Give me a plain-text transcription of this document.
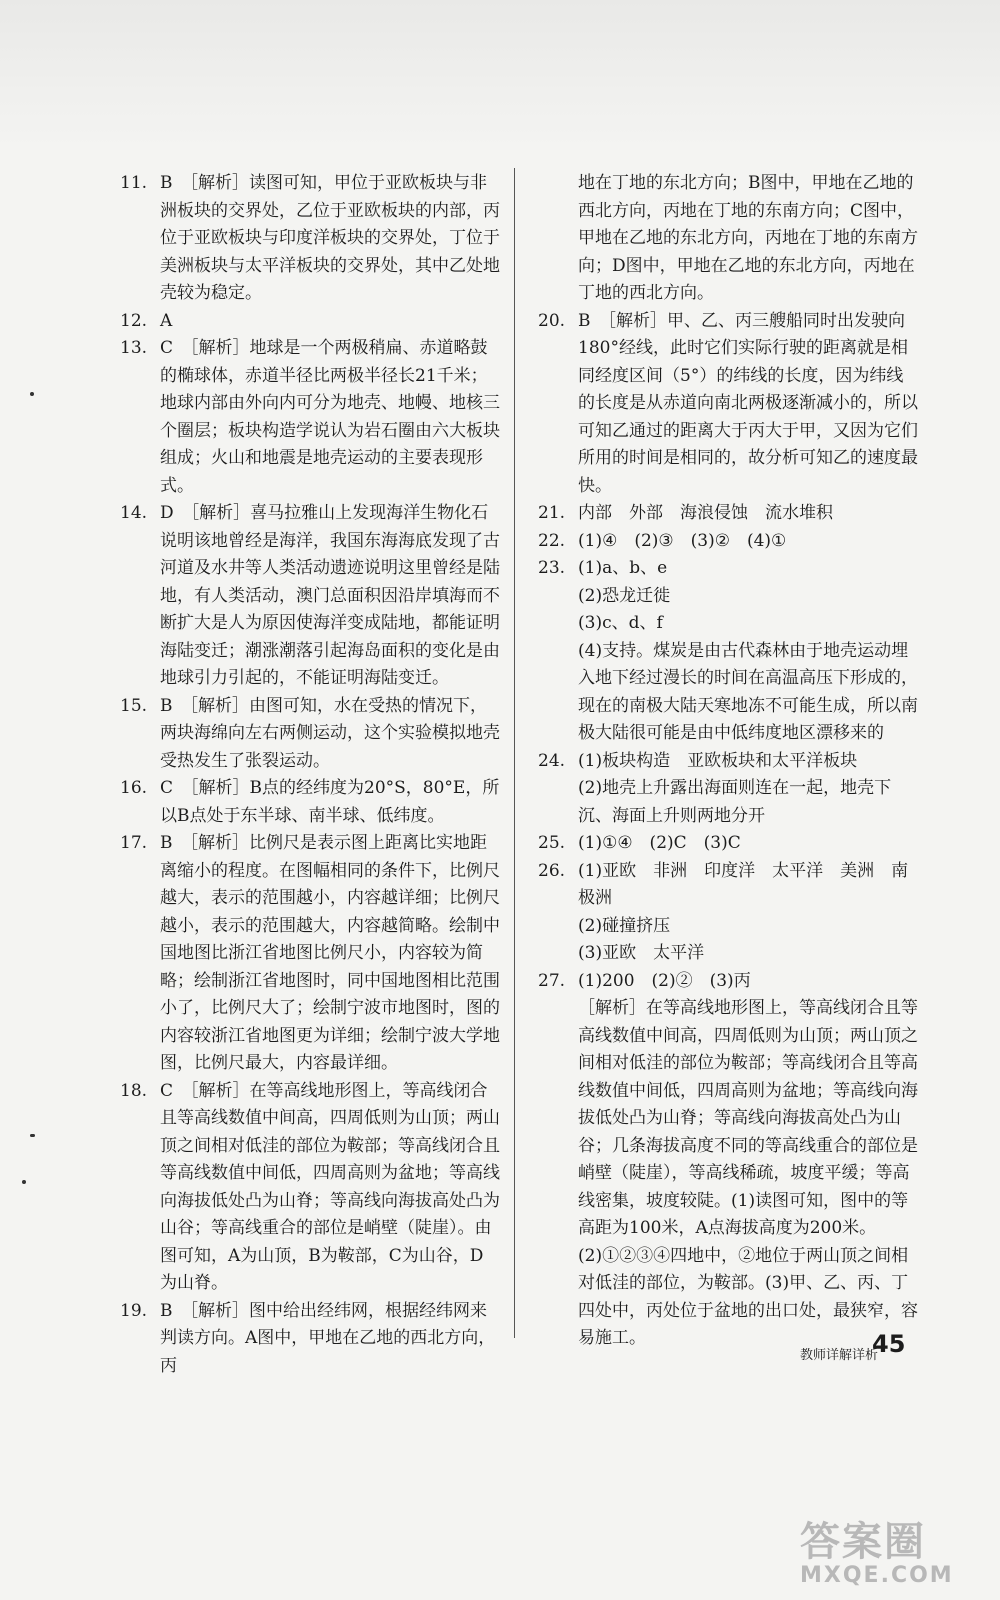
11. B　［解析］读图可知，甲位于亚欧板块与非洲板块的交界处，乙位于亚欧板块的内部，丙位于亚欧板块与印度洋板块的交界处，丁位于美洲板块与太平洋板块的交界处，其中乙处地壳较为稳定。
12. A
13. C　［解析］地球是一个两极稍扁、赤道略鼓的椭球体，赤道半径比两极半径长21千米；地球内部由外向内可分为地壳、地幔、地核三个圈层；板块构造学说认为岩石圈由六大板块组成；火山和地震是地壳运动的主要表现形式。
14. D　［解析］喜马拉雅山上发现海洋生物化石说明该地曾经是海洋，我国东海海底发现了古河道及水井等人类活动遗迹说明这里曾经是陆地，有人类活动，澳门总面积因沿岸填海而不断扩大是人为原因使海洋变成陆地，都能证明海陆变迁；潮涨潮落引起海岛面积的变化是由地球引力引起的，不能证明海陆变迁。
15. B　［解析］由图可知，水在受热的情况下，两块海绵向左右两侧运动，这个实验模拟地壳受热发生了张裂运动。
16. C　［解析］B点的经纬度为20°S，80°E，所以B点处于东半球、南半球、低纬度。
17. B　［解析］比例尺是表示图上距离比实地距离缩小的程度。在图幅相同的条件下，比例尺越大，表示的范围越小，内容越详细；比例尺越小，表示的范围越大，内容越简略。绘制中国地图比浙江省地图比例尺小，内容较为简略；绘制浙江省地图时，同中国地图相比范围小了，比例尺大了；绘制宁波市地图时，图的内容较浙江省地图更为详细；绘制宁波大学地图，比例尺最大，内容最详细。
18. C　［解析］在等高线地形图上，等高线闭合且等高线数值中间高，四周低则为山顶；两山顶之间相对低洼的部位为鞍部；等高线闭合且等高线数值中间低，四周高则为盆地；等高线向海拔低处凸为山脊；等高线向海拔高处凸为山谷；等高线重合的部位是峭壁（陡崖）。由图可知，A为山顶，B为鞍部，C为山谷，D为山脊。
19. B　［解析］图中给出经纬网，根据经纬网来判读方向。A图中，甲地在乙地的西北方向，丙
地在丁地的东北方向；B图中，甲地在乙地的西北方向，丙地在丁地的东南方向；C图中，甲地在乙地的东北方向，丙地在丁地的东南方向；D图中，甲地在乙地的东北方向，丙地在丁地的西北方向。
20. B　［解析］甲、乙、丙三艘船同时出发驶向180°经线，此时它们实际行驶的距离就是相同经度区间（5°）的纬线的长度，因为纬线的长度是从赤道向南北两极逐渐减小的，所以可知乙通过的距离大于丙大于甲，又因为它们所用的时间是相同的，故分析可知乙的速度最快。
21. 内部　外部　海浪侵蚀　流水堆积
22. (1)④　(2)③　(3)②　(4)①
23. (1)a、b、e
(2)恐龙迁徙
(3)c、d、f
(4)支持。煤炭是由古代森林由于地壳运动埋入地下经过漫长的时间在高温高压下形成的，现在的南极大陆天寒地冻不可能生成，所以南极大陆很可能是由中低纬度地区漂移来的
24. (1)板块构造　亚欧板块和太平洋板块
(2)地壳上升露出海面则连在一起，地壳下沉、海面上升则两地分开
25. (1)①④　(2)C　(3)C
26. (1)亚欧　非洲　印度洋　太平洋　美洲　南极洲
(2)碰撞挤压
(3)亚欧　太平洋
27. (1)200　(2)②　(3)丙
［解析］在等高线地形图上，等高线闭合且等高线数值中间高，四周低则为山顶；两山顶之间相对低洼的部位为鞍部；等高线闭合且等高线数值中间低，四周高则为盆地；等高线向海拔低处凸为山脊；等高线向海拔高处凸为山谷；几条海拔高度不同的等高线重合的部位是峭壁（陡崖），等高线稀疏，坡度平缓；等高线密集，坡度较陡。(1)读图可知，图中的等高距为100米，A点海拔高度为200米。(2)①②③④四地中，②地位于两山顶之间相对低洼的部位，为鞍部。(3)甲、乙、丙、丁四处中，丙处位于盆地的出口处，最狭窄，容易施工。
教师详解详析
45
答案圈
MXQE.COM
